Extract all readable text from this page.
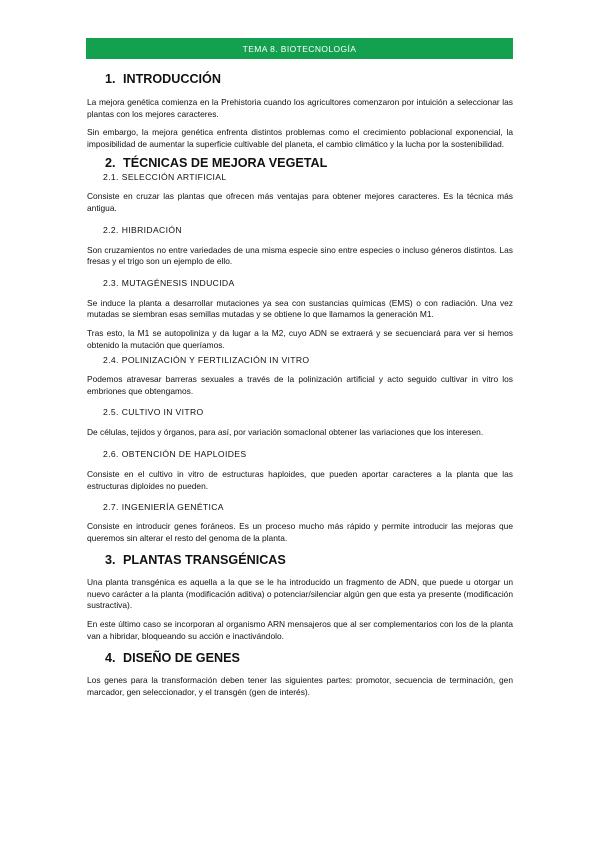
TEMA 8. BIOTECNOLOGÍA
1. INTRODUCCIÓN

La mejora genética comienza en la Prehistoria cuando los agricultores comenzaron por intuición a seleccionar las plantas con los mejores caracteres.

Sin embargo, la mejora genética enfrenta distintos problemas como el crecimiento poblacional exponencial, la imposibilidad de aumentar la superficie cultivable del planeta, el cambio climático y la lucha por la sostenibilidad.

2. TÉCNICAS DE MEJORA VEGETAL
2.1. SELECCIÓN ARTIFICIAL

Consiste en cruzar las plantas que ofrecen más ventajas para obtener mejores caracteres. Es la técnica más antigua.

2.2. HIBRIDACIÓN

Son cruzamientos no entre variedades de una misma especie sino entre especies o incluso géneros distintos. Las fresas y el trigo son un ejemplo de ello.

2.3. MUTAGÉNESIS INDUCIDA

Se induce la planta a desarrollar mutaciones ya sea con sustancias químicas (EMS) o con radiación. Una vez mutadas se siembran esas semillas mutadas y se obtiene lo que llamamos la generación M1.

Tras esto, la M1 se autopoliniza y da lugar a la M2, cuyo ADN se extraerá y se secuenciará para ver si hemos obtenido la mutación que queríamos.

2.4. POLINIZACIÓN Y FERTILIZACIÓN IN VITRO

Podemos atravesar barreras sexuales a través de la polinización artificial y acto seguido cultivar in vitro los embriones que obtengamos.

2.5. CULTIVO IN VITRO

De células, tejidos y órganos, para así, por variación somaclonal obtener las variaciones que los interesen.

2.6. OBTENCIÓN DE HAPLOIDES

Consiste en el cultivo in vitro de estructuras haploides, que pueden aportar caracteres a la planta que las estructuras diploides no pueden.

2.7. INGENIERÍA GENÉTICA

Consiste en introducir genes foráneos. Es un proceso mucho más rápido y permite introducir las mejoras que queremos sin alterar el resto del genoma de la planta.

3. PLANTAS TRANSGÉNICAS

Una planta transgénica es aquella a la que se le ha introducido un fragmento de ADN, que puede u otorgar un nuevo carácter a la planta (modificación aditiva) o potenciar/silenciar algún gen que esta ya presente (modificación sustractiva).

En este último caso se incorporan al organismo ARN mensajeros que al ser complementarios con los de la planta van a hibridar, bloqueando su acción e inactivándolo.

4. DISEÑO DE GENES

Los genes para la transformación deben tener las siguientes partes: promotor, secuencia de terminación, gen marcador, gen seleccionador, y el transgén (gen de interés).
